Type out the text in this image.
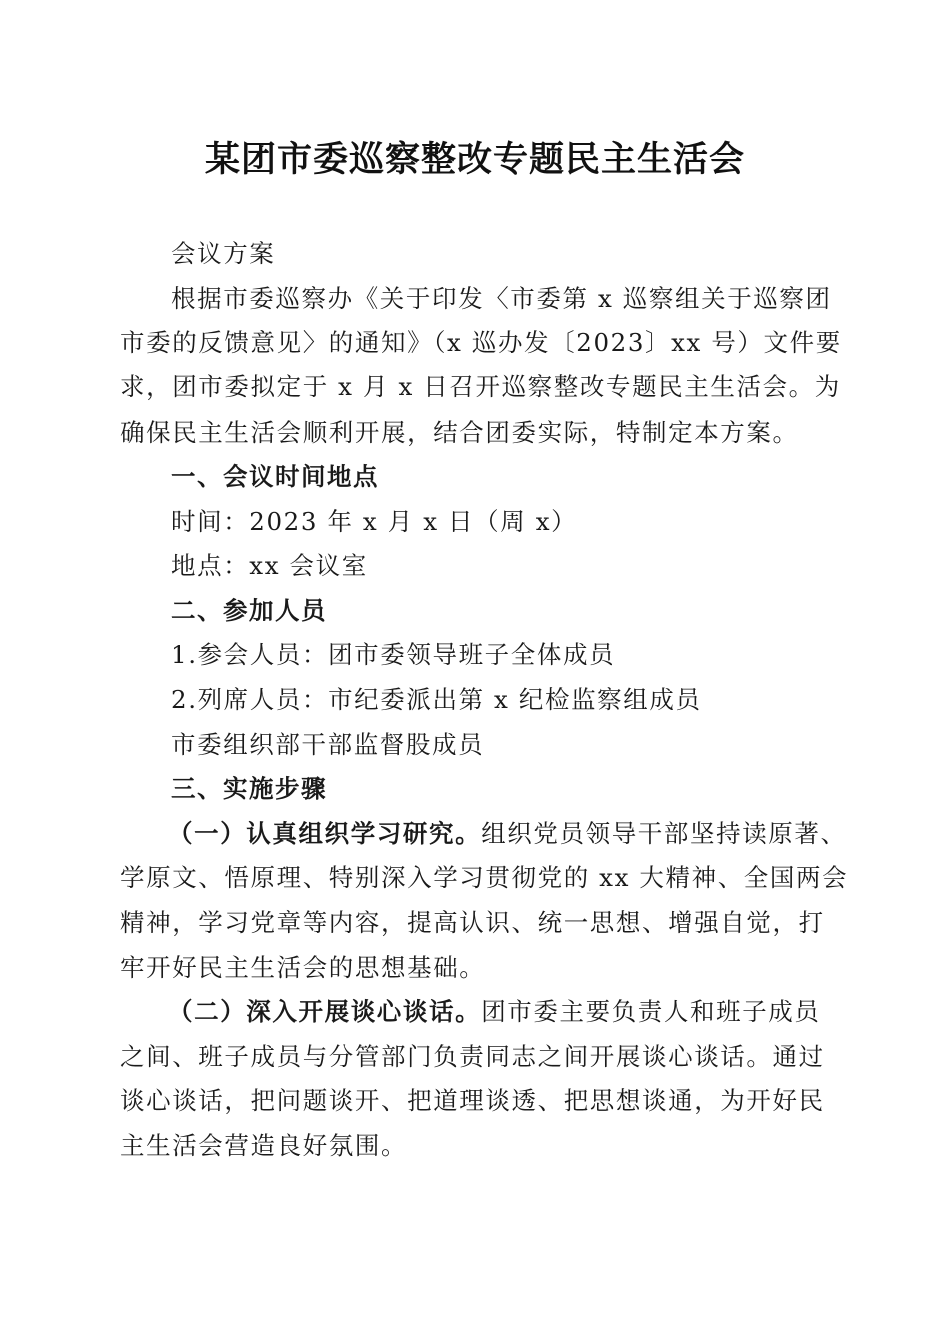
某团市委巡察整改专题民主生活会
会议方案
根据市委巡察办《关于印发〈市委第 x 巡察组关于巡察团
市委的反馈意见〉的通知》（x 巡办发〔2023〕xx 号）文件要
求，团市委拟定于 x 月 x 日召开巡察整改专题民主生活会。为
确保民主生活会顺利开展，结合团委实际，特制定本方案。
一、会议时间地点
时间：2023 年 x 月 x 日（周 x）
地点：xx 会议室
二、参加人员
1.参会人员：团市委领导班子全体成员
2.列席人员：市纪委派出第 x 纪检监察组成员
市委组织部干部监督股成员
三、实施步骤
（一）认真组织学习研究。组织党员领导干部坚持读原著、
学原文、悟原理、特别深入学习贯彻党的 xx 大精神、全国两会
精神，学习党章等内容，提高认识、统一思想、增强自觉，打
牢开好民主生活会的思想基础。
（二）深入开展谈心谈话。团市委主要负责人和班子成员
之间、班子成员与分管部门负责同志之间开展谈心谈话。通过
谈心谈话，把问题谈开、把道理谈透、把思想谈通，为开好民
主生活会营造良好氛围。
